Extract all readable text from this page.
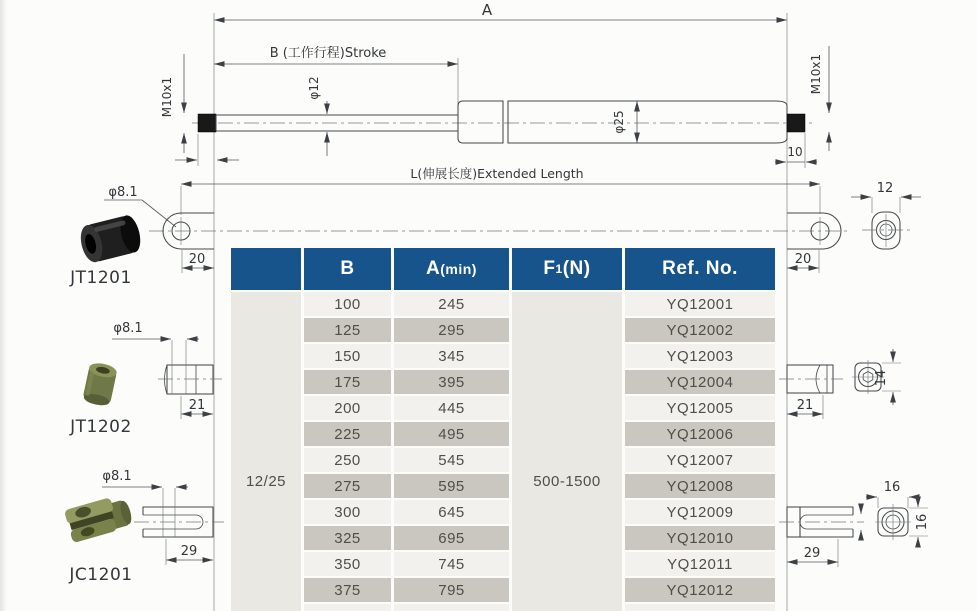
A
B (工作行程)Stroke
φ12
φ25
M10x1
M10x1
10
L(伸展长度)Extended Length
20
φ8.1
20
12
φ8.1
21
φ8.1
29
21
14
29
16
16
JT1201
JT1202
JC1201
12/25
B
100
125
150
175
200
225
250
275
300
325
350
375
A (min)
245
295
345
395
445
495
545
595
645
695
745
795
F 1 (N)
500-1500
Ref. No.
YQ12001
YQ12002
YQ12003
YQ12004
YQ12005
YQ12006
YQ12007
YQ12008
YQ12009
YQ12010
YQ12011
YQ12012
